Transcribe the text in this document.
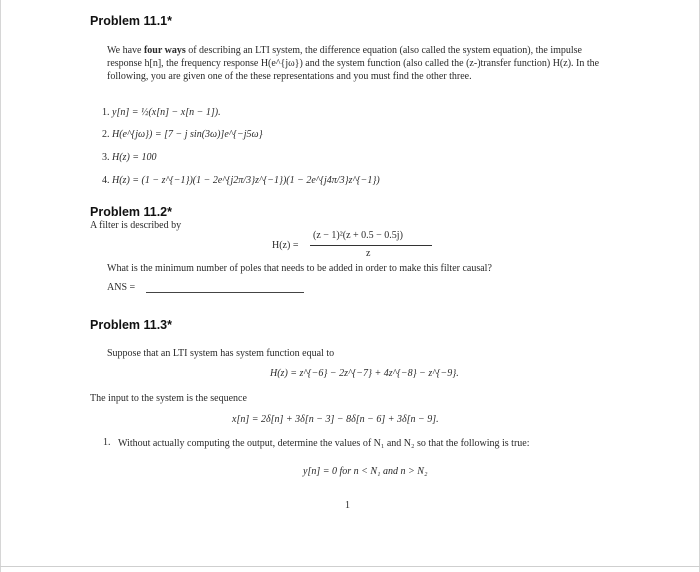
Problem 11.1*
We have four ways of describing an LTI system, the difference equation (also called the system equation), the impulse response h[n], the frequency response H(e^{jω}) and the system function (also called the (z-)transfer function) H(z). In the following, you are given one of the these representations and you must find the other three.
1. y[n] = ½(x[n] − x[n − 1]).
2. H(e^{jω}) = [7 − j sin(3ω)]e^{−j5ω}
3. H(z) = 100
4. H(z) = (1 − z^{−1})(1 − 2e^{j2π/3}z^{−1})(1 − 2e^{j4π/3}z^{−1})
Problem 11.2*
A filter is described by
H(z) =
(z − 1)²(z + 0.5 − 0.5j)
z
What is the minimum number of poles that needs to be added in order to make this filter causal?
ANS =
Problem 11.3*
Suppose that an LTI system has system function equal to
H(z) = z^{−6} − 2z^{−7} + 4z^{−8} − z^{−9}.
The input to the system is the sequence
x[n] = 2δ[n] + 3δ[n − 3] − 8δ[n − 6] + 3δ[n − 9].
1. Without actually computing the output, determine the values of N₁ and N₂ so that the following is true:
y[n] = 0 for n < N₁ and n > N₂
1
